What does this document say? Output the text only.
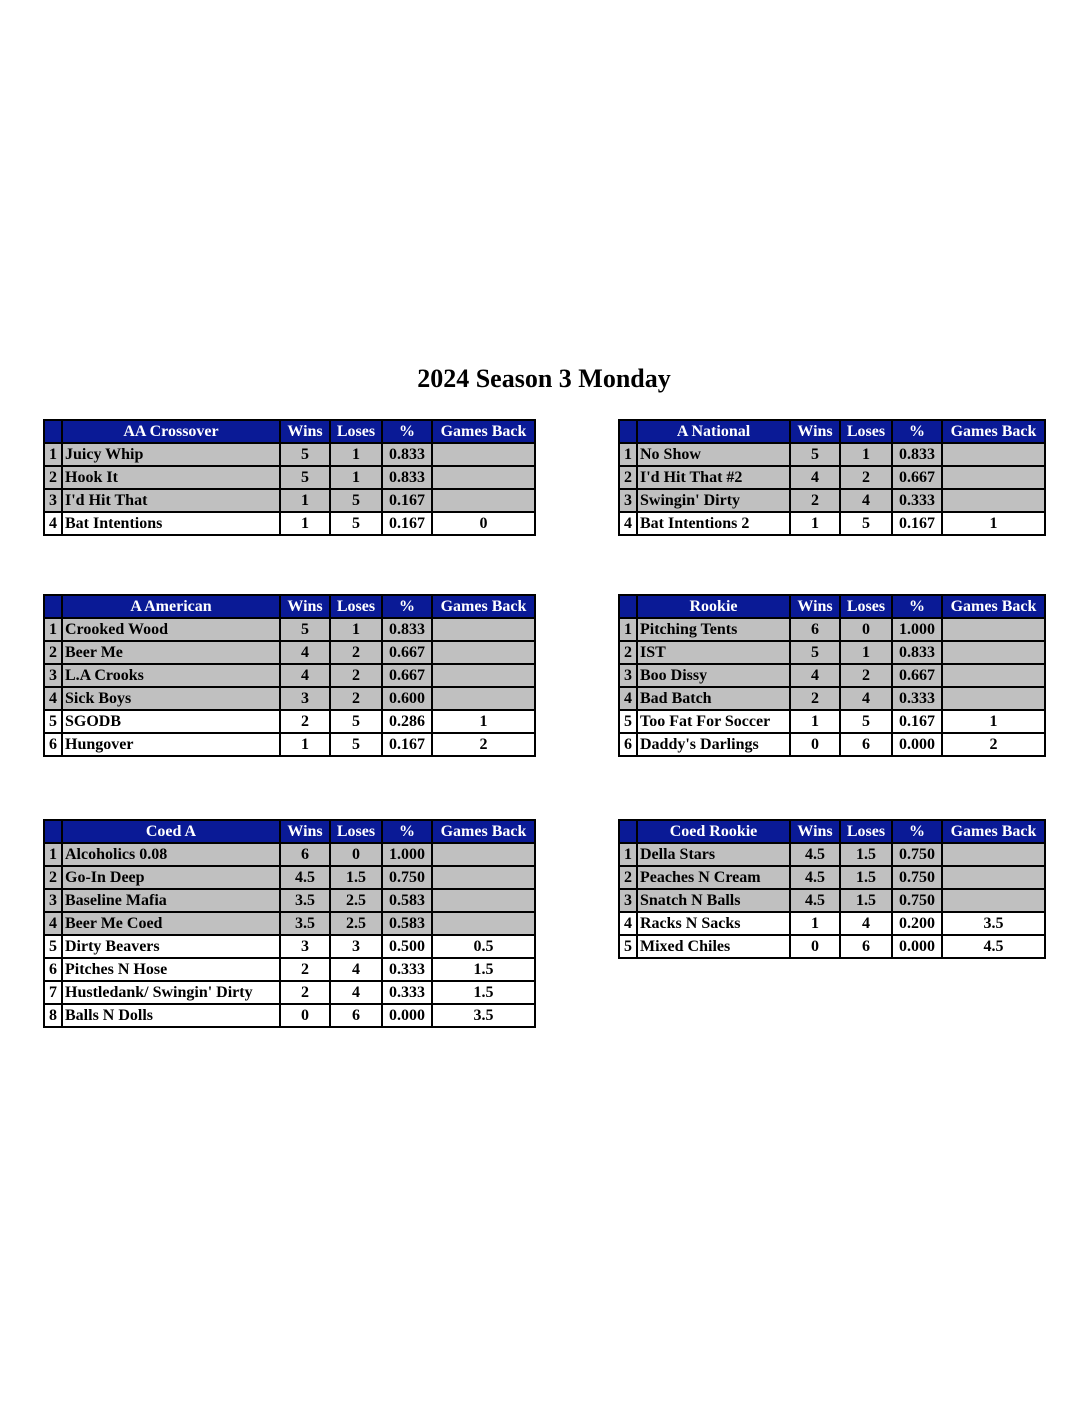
2024 Season 3 Monday
	AA Crossover	Wins	Loses	%	Games Back
1	Juicy Whip	5	1	0.833	
2	Hook It	5	1	0.833	
3	I'd Hit That	1	5	0.167	
4	Bat Intentions	1	5	0.167	0
	A National	Wins	Loses	%	Games Back
1	No Show	5	1	0.833	
2	I'd Hit That #2	4	2	0.667	
3	Swingin' Dirty	2	4	0.333	
4	Bat Intentions 2	1	5	0.167	1
	A American	Wins	Loses	%	Games Back
1	Crooked Wood	5	1	0.833	
2	Beer Me	4	2	0.667	
3	L.A Crooks	4	2	0.667	
4	Sick Boys	3	2	0.600	
5	SGODB	2	5	0.286	1
6	Hungover	1	5	0.167	2
	Rookie	Wins	Loses	%	Games Back
1	Pitching Tents	6	0	1.000	
2	IST	5	1	0.833	
3	Boo Dissy	4	2	0.667	
4	Bad Batch	2	4	0.333	
5	Too Fat For Soccer	1	5	0.167	1
6	Daddy's Darlings	0	6	0.000	2
	Coed A	Wins	Loses	%	Games Back
1	Alcoholics 0.08	6	0	1.000	
2	Go-In Deep	4.5	1.5	0.750	
3	Baseline Mafia	3.5	2.5	0.583	
4	Beer Me Coed	3.5	2.5	0.583	
5	Dirty Beavers	3	3	0.500	0.5
6	Pitches N Hose	2	4	0.333	1.5
7	Hustledank/ Swingin' Dirty	2	4	0.333	1.5
8	Balls N Dolls	0	6	0.000	3.5
	Coed Rookie	Wins	Loses	%	Games Back
1	Della Stars	4.5	1.5	0.750	
2	Peaches N Cream	4.5	1.5	0.750	
3	Snatch N Balls	4.5	1.5	0.750	
4	Racks N Sacks	1	4	0.200	3.5
5	Mixed Chiles	0	6	0.000	4.5
